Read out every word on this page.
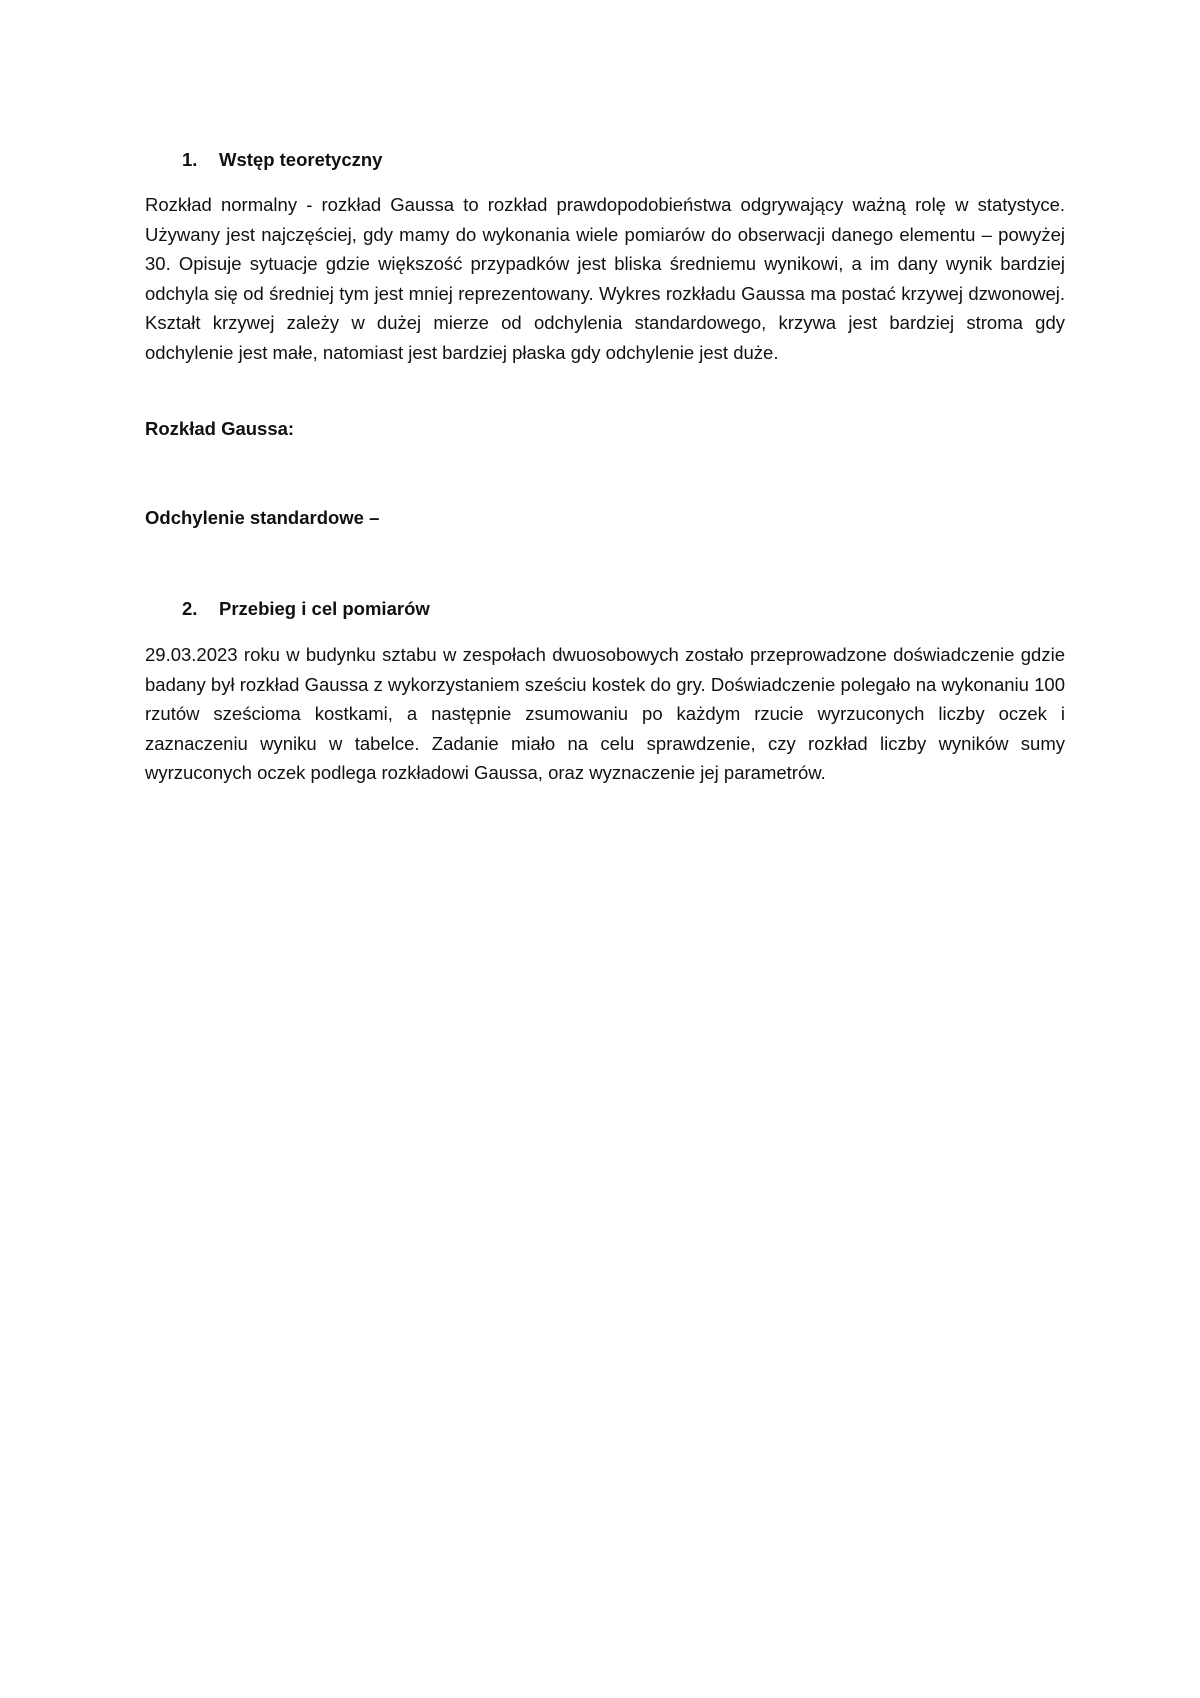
1. Wstęp teoretyczny

Rozkład normalny - rozkład Gaussa to rozkład prawdopodobieństwa odgrywający ważną rolę w statystyce. Używany jest najczęściej, gdy mamy do wykonania wiele pomiarów do obserwacji danego elementu – powyżej 30. Opisuje sytuacje gdzie większość przypadków jest bliska średniemu wynikowi, a im dany wynik bardziej odchyla się od średniej tym jest mniej reprezentowany. Wykres rozkładu Gaussa ma postać krzywej dzwonowej. Kształt krzywej zależy w dużej mierze od odchylenia standardowego, krzywa jest bardziej stroma gdy odchylenie jest małe, natomiast jest bardziej płaska gdy odchylenie jest duże.

Rozkład Gaussa:
Odchylenie standardowe –
2. Przebieg i cel pomiarów

29.03.2023 roku w budynku sztabu w zespołach dwuosobowych zostało przeprowadzone doświadczenie gdzie badany był rozkład Gaussa z wykorzystaniem sześciu kostek do gry. Doświadczenie polegało na wykonaniu 100 rzutów sześcioma kostkami, a następnie zsumowaniu po każdym rzucie wyrzuconych liczby oczek i zaznaczeniu wyniku w tabelce. Zadanie miało na celu sprawdzenie, czy rozkład liczby wyników sumy wyrzuconych oczek podlega rozkładowi Gaussa, oraz wyznaczenie jej parametrów.
